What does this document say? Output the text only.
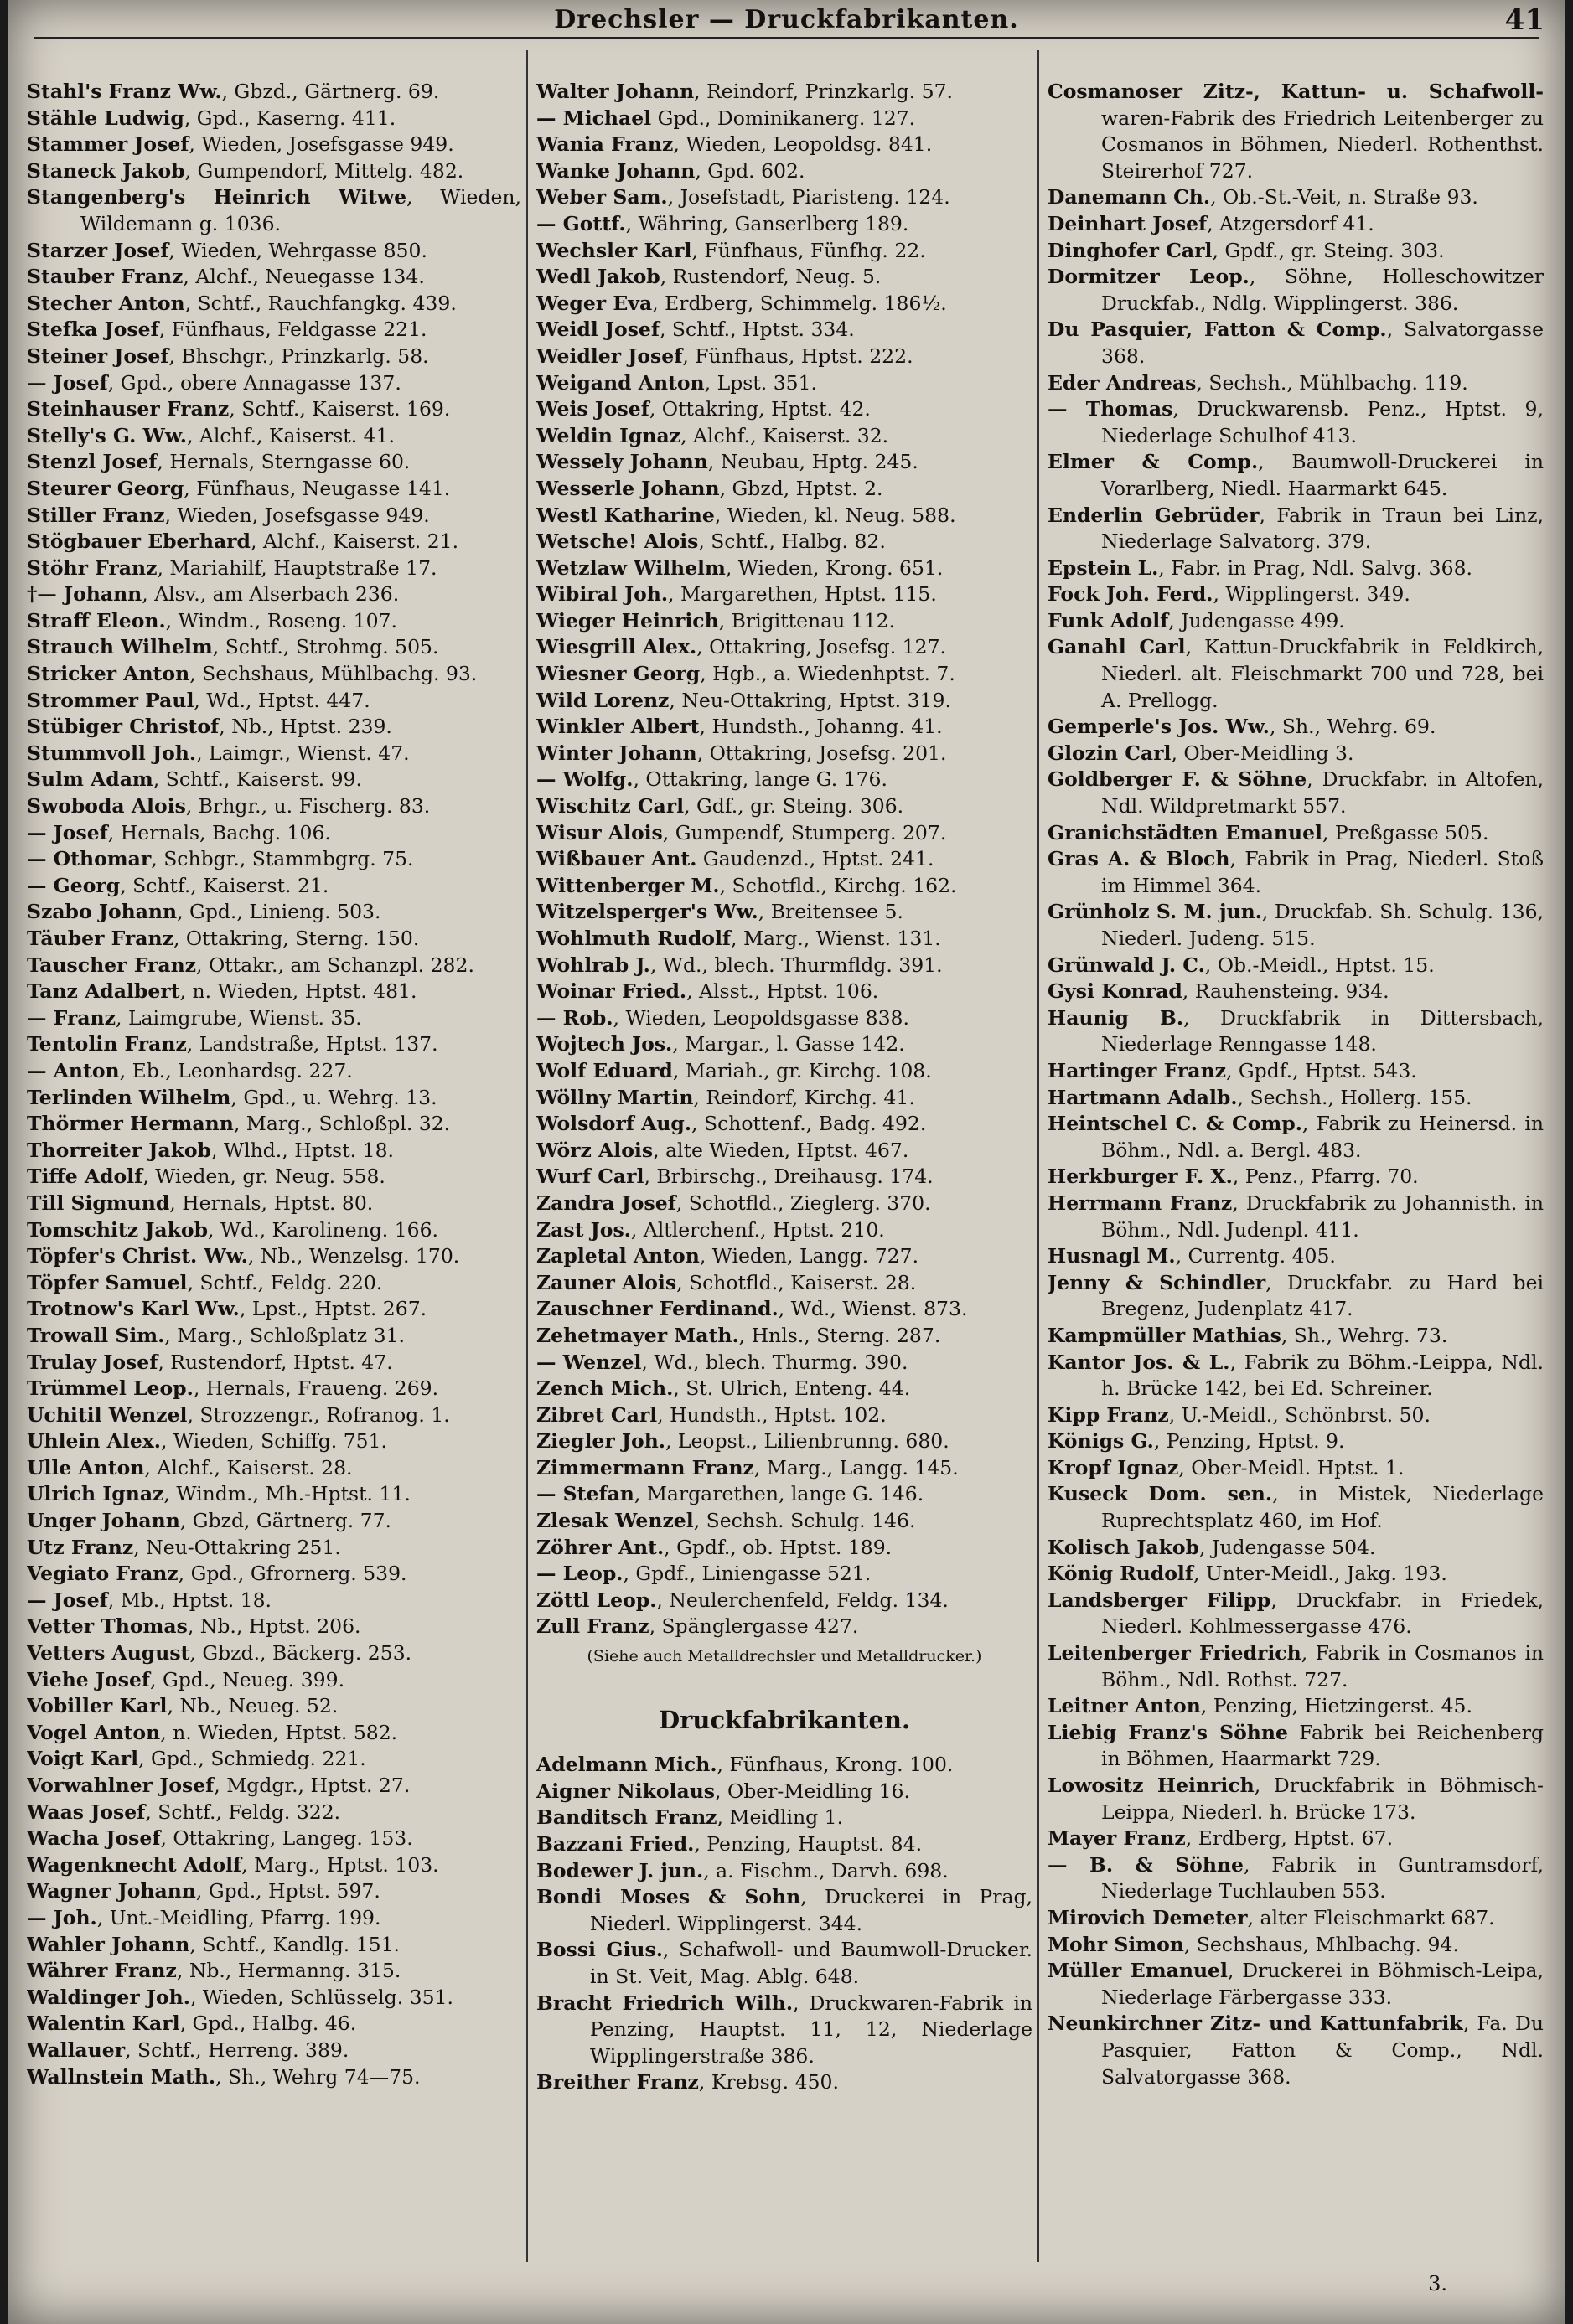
Drechsler — Druckfabrikanten.	41

Stahl's Franz Ww., Gbzd., Gärtnerg. 69.

Stähle Ludwig, Gpd., Kaserng. 411.

Stammer Josef, Wieden, Josefsgasse 949.

Staneck Jakob, Gumpendorf, Mittelg. 482.

Stangenberg's Heinrich Witwe, Wieden, Wildemann g. 1036.

Starzer Josef, Wieden, Wehrgasse 850.

Stauber Franz, Alchf., Neuegasse 134.

Stecher Anton, Schtf., Rauchfangkg. 439.

Stefka Josef, Fünfhaus, Feldgasse 221.

Steiner Josef, Bhschgr., Prinzkarlg. 58.

— Josef, Gpd., obere Annagasse 137.

Steinhauser Franz, Schtf., Kaiserst. 169.

Stelly's G. Ww., Alchf., Kaiserst. 41.

Stenzl Josef, Hernals, Sterngasse 60.

Steurer Georg, Fünfhaus, Neugasse 141.

Stiller Franz, Wieden, Josefsgasse 949.

Stögbauer Eberhard, Alchf., Kaiserst. 21.

Stöhr Franz, Mariahilf, Hauptstraße 17.

†— Johann, Alsv., am Alserbach 236.

Straff Eleon., Windm., Roseng. 107.

Strauch Wilhelm, Schtf., Strohmg. 505.

Stricker Anton, Sechshaus, Mühlbachg. 93.

Strommer Paul, Wd., Hptst. 447.

Stübiger Christof, Nb., Hptst. 239.

Stummvoll Joh., Laimgr., Wienst. 47.

Sulm Adam, Schtf., Kaiserst. 99.

Swoboda Alois, Brhgr., u. Fischerg. 83.

— Josef, Hernals, Bachg. 106.

— Othomar, Schbgr., Stammbgrg. 75.

— Georg, Schtf., Kaiserst. 21.

Szabo Johann, Gpd., Linieng. 503.

Täuber Franz, Ottakring, Sterng. 150.

Tauscher Franz, Ottakr., am Schanzpl. 282.

Tanz Adalbert, n. Wieden, Hptst. 481.

— Franz, Laimgrube, Wienst. 35.

Tentolin Franz, Landstraße, Hptst. 137.

— Anton, Eb., Leonhardsg. 227.

Terlinden Wilhelm, Gpd., u. Wehrg. 13.

Thörmer Hermann, Marg., Schloßpl. 32.

Thorreiter Jakob, Wlhd., Hptst. 18.

Tiffe Adolf, Wieden, gr. Neug. 558.

Till Sigmund, Hernals, Hptst. 80.

Tomschitz Jakob, Wd., Karolineng. 166.

Töpfer's Christ. Ww., Nb., Wenzelsg. 170.

Töpfer Samuel, Schtf., Feldg. 220.

Trotnow's Karl Ww., Lpst., Hptst. 267.

Trowall Sim., Marg., Schloßplatz 31.

Trulay Josef, Rustendorf, Hptst. 47.

Trümmel Leop., Hernals, Fraueng. 269.

Uchitil Wenzel, Strozzengr., Rofranog. 1.

Uhlein Alex., Wieden, Schiffg. 751.

Ulle Anton, Alchf., Kaiserst. 28.

Ulrich Ignaz, Windm., Mh.-Hptst. 11.

Unger Johann, Gbzd, Gärtnerg. 77.

Utz Franz, Neu-Ottakring 251.

Vegiato Franz, Gpd., Gfrornerg. 539.

— Josef, Mb., Hptst. 18.

Vetter Thomas, Nb., Hptst. 206.

Vetters August, Gbzd., Bäckerg. 253.

Viehe Josef, Gpd., Neueg. 399.

Vobiller Karl, Nb., Neueg. 52.

Vogel Anton, n. Wieden, Hptst. 582.

Voigt Karl, Gpd., Schmiedg. 221.

Vorwahlner Josef, Mgdgr., Hptst. 27.

Waas Josef, Schtf., Feldg. 322.

Wacha Josef, Ottakring, Langeg. 153.

Wagenknecht Adolf, Marg., Hptst. 103.

Wagner Johann, Gpd., Hptst. 597.

— Joh., Unt.-Meidling, Pfarrg. 199.

Wahler Johann, Schtf., Kandlg. 151.

Währer Franz, Nb., Hermanng. 315.

Waldinger Joh., Wieden, Schlüsselg. 351.

Walentin Karl, Gpd., Halbg. 46.

Wallauer, Schtf., Herreng. 389.

Wallnstein Math., Sh., Wehrg 74—75.

Walter Johann, Reindorf, Prinzkarlg. 57.

— Michael Gpd., Dominikanerg. 127.

Wania Franz, Wieden, Leopoldsg. 841.

Wanke Johann, Gpd. 602.

Weber Sam., Josefstadt, Piaristeng. 124.

— Gottf., Währing, Ganserlberg 189.

Wechsler Karl, Fünfhaus, Fünfhg. 22.

Wedl Jakob, Rustendorf, Neug. 5.

Weger Eva, Erdberg, Schimmelg. 186½.

Weidl Josef, Schtf., Hptst. 334.

Weidler Josef, Fünfhaus, Hptst. 222.

Weigand Anton, Lpst. 351.

Weis Josef, Ottakring, Hptst. 42.

Weldin Ignaz, Alchf., Kaiserst. 32.

Wessely Johann, Neubau, Hptg. 245.

Wesserle Johann, Gbzd, Hptst. 2.

Westl Katharine, Wieden, kl. Neug. 588.

Wetsche! Alois, Schtf., Halbg. 82.

Wetzlaw Wilhelm, Wieden, Krong. 651.

Wibiral Joh., Margarethen, Hptst. 115.

Wieger Heinrich, Brigittenau 112.

Wiesgrill Alex., Ottakring, Josefsg. 127.

Wiesner Georg, Hgb., a. Wiedenhptst. 7.

Wild Lorenz, Neu-Ottakring, Hptst. 319.

Winkler Albert, Hundsth., Johanng. 41.

Winter Johann, Ottakring, Josefsg. 201.

— Wolfg., Ottakring, lange G. 176.

Wischitz Carl, Gdf., gr. Steing. 306.

Wisur Alois, Gumpendf, Stumperg. 207.

Wißbauer Ant. Gaudenzd., Hptst. 241.

Wittenberger M., Schotfld., Kirchg. 162.

Witzelsperger's Ww., Breitensee 5.

Wohlmuth Rudolf, Marg., Wienst. 131.

Wohlrab J., Wd., blech. Thurmfldg. 391.

Woinar Fried., Alsst., Hptst. 106.

— Rob., Wieden, Leopoldsgasse 838.

Wojtech Jos., Margar., l. Gasse 142.

Wolf Eduard, Mariah., gr. Kirchg. 108.

Wöllny Martin, Reindorf, Kirchg. 41.

Wolsdorf Aug., Schottenf., Badg. 492.

Wörz Alois, alte Wieden, Hptst. 467.

Wurf Carl, Brbirschg., Dreihausg. 174.

Zandra Josef, Schotfld., Zieglerg. 370.

Zast Jos., Altlerchenf., Hptst. 210.

Zapletal Anton, Wieden, Langg. 727.

Zauner Alois, Schotfld., Kaiserst. 28.

Zauschner Ferdinand., Wd., Wienst. 873.

Zehetmayer Math., Hnls., Sterng. 287.

— Wenzel, Wd., blech. Thurmg. 390.

Zench Mich., St. Ulrich, Enteng. 44.

Zibret Carl, Hundsth., Hptst. 102.

Ziegler Joh., Leopst., Lilienbrunng. 680.

Zimmermann Franz, Marg., Langg. 145.

— Stefan, Margarethen, lange G. 146.

Zlesak Wenzel, Sechsh. Schulg. 146.

Zöhrer Ant., Gpdf., ob. Hptst. 189.

— Leop., Gpdf., Liniengasse 521.

Zöttl Leop., Neulerchenfeld, Feldg. 134.

Zull Franz, Spänglergasse 427.

(Siehe auch Metalldrechsler und Metalldrucker.)

Druckfabrikanten.

Adelmann Mich., Fünfhaus, Krong. 100.

Aigner Nikolaus, Ober-Meidling 16.

Banditsch Franz, Meidling 1.

Bazzani Fried., Penzing, Hauptst. 84.

Bodewer J. jun., a. Fischm., Darvh. 698.

Bondi Moses & Sohn, Druckerei in Prag, Niederl. Wipplingerst. 344.

Bossi Gius., Schafwoll- und Baumwoll-Drucker. in St. Veit, Mag. Ablg. 648.

Bracht Friedrich Wilh., Druckwaren-Fabrik in Penzing, Hauptst. 11, 12, Niederlage Wipplingerstraße 386.

Breither Franz, Krebsg. 450.

Cosmanoser Zitz-, Kattun- u. Schafwoll-waren-Fabrik des Friedrich Leitenberger zu Cosmanos in Böhmen, Niederl. Rothenthst. Steirerhof 727.

Danemann Ch., Ob.-St.-Veit, n. Straße 93.

Deinhart Josef, Atzgersdorf 41.

Dinghofer Carl, Gpdf., gr. Steing. 303.

Dormitzer Leop., Söhne, Holleschowitzer Druckfab., Ndlg. Wipplingerst. 386.

Du Pasquier, Fatton & Comp., Salvatorgasse 368.

Eder Andreas, Sechsh., Mühlbachg. 119.

— Thomas, Druckwarensb. Penz., Hptst. 9, Niederlage Schulhof 413.

Elmer & Comp., Baumwoll-Druckerei in Vorarlberg, Niedl. Haarmarkt 645.

Enderlin Gebrüder, Fabrik in Traun bei Linz, Niederlage Salvatorg. 379.

Epstein L., Fabr. in Prag, Ndl. Salvg. 368.

Fock Joh. Ferd., Wipplingerst. 349.

Funk Adolf, Judengasse 499.

Ganahl Carl, Kattun-Druckfabrik in Feldkirch, Niederl. alt. Fleischmarkt 700 und 728, bei A. Prellogg.

Gemperle's Jos. Ww., Sh., Wehrg. 69.

Glozin Carl, Ober-Meidling 3.

Goldberger F. & Söhne, Druckfabr. in Altofen, Ndl. Wildpretmarkt 557.

Granichstädten Emanuel, Preßgasse 505.

Gras A. & Bloch, Fabrik in Prag, Niederl. Stoß im Himmel 364.

Grünholz S. M. jun., Druckfab. Sh. Schulg. 136, Niederl. Judeng. 515.

Grünwald J. C., Ob.-Meidl., Hptst. 15.

Gysi Konrad, Rauhensteing. 934.

Haunig B., Druckfabrik in Dittersbach, Niederlage Renngasse 148.

Hartinger Franz, Gpdf., Hptst. 543.

Hartmann Adalb., Sechsh., Hollerg. 155.

Heintschel C. & Comp., Fabrik zu Heinersd. in Böhm., Ndl. a. Bergl. 483.

Herkburger F. X., Penz., Pfarrg. 70.

Herrmann Franz, Druckfabrik zu Johannisth. in Böhm., Ndl. Judenpl. 411.

Husnagl M., Currentg. 405.

Jenny & Schindler, Druckfabr. zu Hard bei Bregenz, Judenplatz 417.

Kampmüller Mathias, Sh., Wehrg. 73.

Kantor Jos. & L., Fabrik zu Böhm.-Leippa, Ndl. h. Brücke 142, bei Ed. Schreiner.

Kipp Franz, U.-Meidl., Schönbrst. 50.

Königs G., Penzing, Hptst. 9.

Kropf Ignaz, Ober-Meidl. Hptst. 1.

Kuseck Dom. sen., in Mistek, Niederlage Ruprechtsplatz 460, im Hof.

Kolisch Jakob, Judengasse 504.

König Rudolf, Unter-Meidl., Jakg. 193.

Landsberger Filipp, Druckfabr. in Friedek, Niederl. Kohlmessergasse 476.

Leitenberger Friedrich, Fabrik in Cosmanos in Böhm., Ndl. Rothst. 727.

Leitner Anton, Penzing, Hietzingerst. 45.

Liebig Franz's Söhne Fabrik bei Reichenberg in Böhmen, Haarmarkt 729.

Lowositz Heinrich, Druckfabrik in Böhmisch-Leippa, Niederl. h. Brücke 173.

Mayer Franz, Erdberg, Hptst. 67.

— B. & Söhne, Fabrik in Guntramsdorf, Niederlage Tuchlauben 553.

Mirovich Demeter, alter Fleischmarkt 687.

Mohr Simon, Sechshaus, Mhlbachg. 94.

Müller Emanuel, Druckerei in Böhmisch-Leipa, Niederlage Färbergasse 333.

Neunkirchner Zitz- und Kattunfabrik, Fa. Du Pasquier, Fatton & Comp., Ndl. Salvatorgasse 368.

3.
